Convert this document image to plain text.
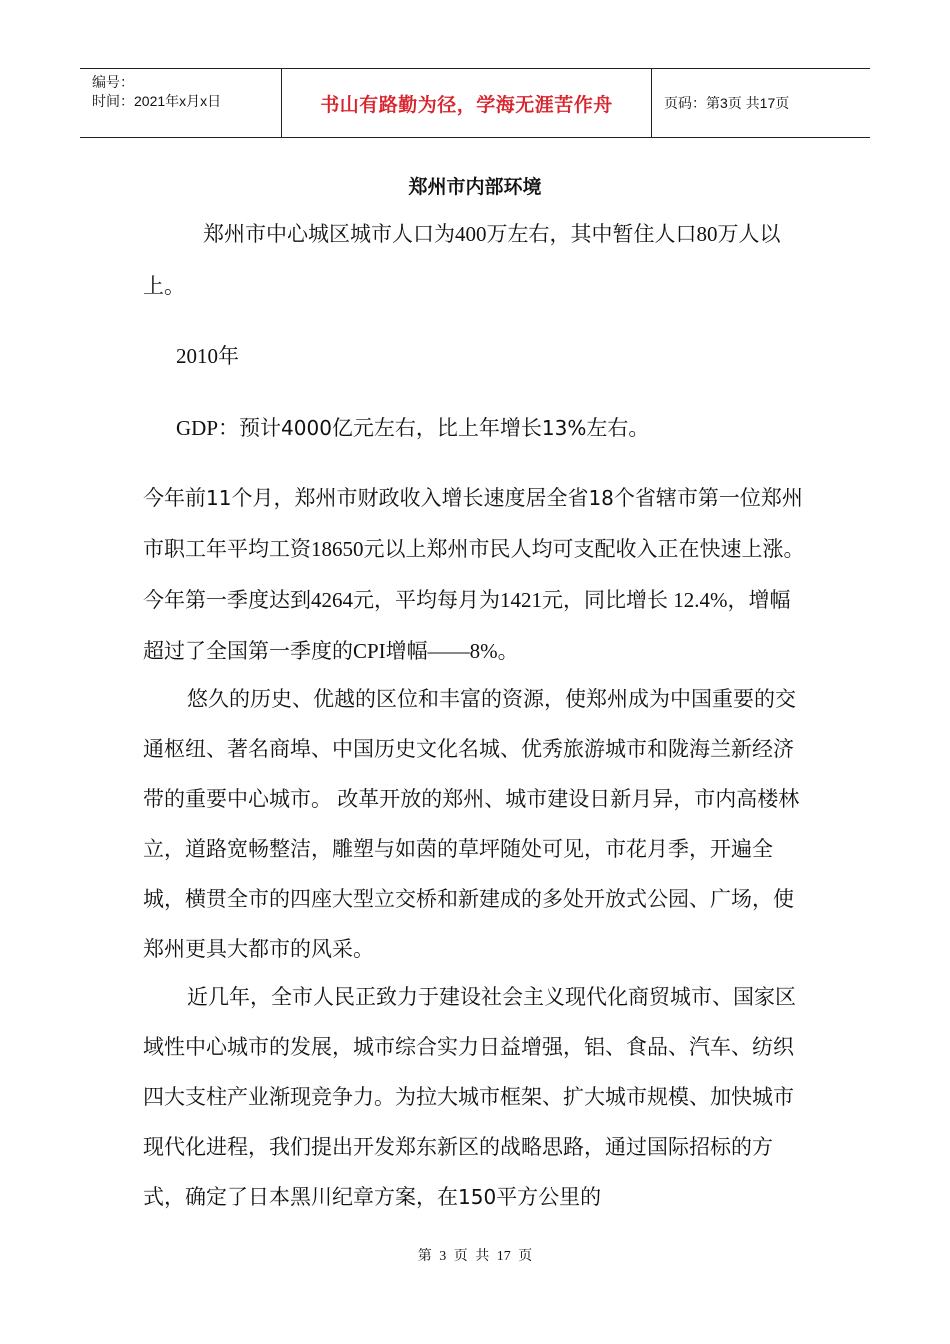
编号：
时间：2021年x月x日	书山有路勤为径，学海无涯苦作舟	页码：第3页 共17页
郑州市内部环境
郑州市中心城区城市人口为400万左右，其中暂住人口80万人以上。
2010年
GDP：预计4000亿元左右，比上年增长13%左右。
今年前11个月，郑州市财政收入增长速度居全省18个省辖市第一位郑州市职工年平均工资18650元以上郑州市民人均可支配收入正在快速上涨。今年第一季度达到4264元，平均每月为1421元，同比增长 12.4%，增幅超过了全国第一季度的CPI增幅——8%。
悠久的历史、优越的区位和丰富的资源，使郑州成为中国重要的交通枢纽、著名商埠、中国历史文化名城、优秀旅游城市和陇海兰新经济带的重要中心城市。 改革开放的郑州、城市建设日新月异，市内高楼林立，道路宽畅整洁，雕塑与如茵的草坪随处可见，市花月季，开遍全城，横贯全市的四座大型立交桥和新建成的多处开放式公园、广场，使郑州更具大都市的风采。
近几年，全市人民正致力于建设社会主义现代化商贸城市、国家区域性中心城市的发展，城市综合实力日益增强，铝、食品、汽车、纺织四大支柱产业渐现竞争力。为拉大城市框架、扩大城市规模、加快城市现代化进程，我们提出开发郑东新区的战略思路，通过国际招标的方式，确定了日本黑川纪章方案，在150平方公里的
第 3 页 共 17 页
